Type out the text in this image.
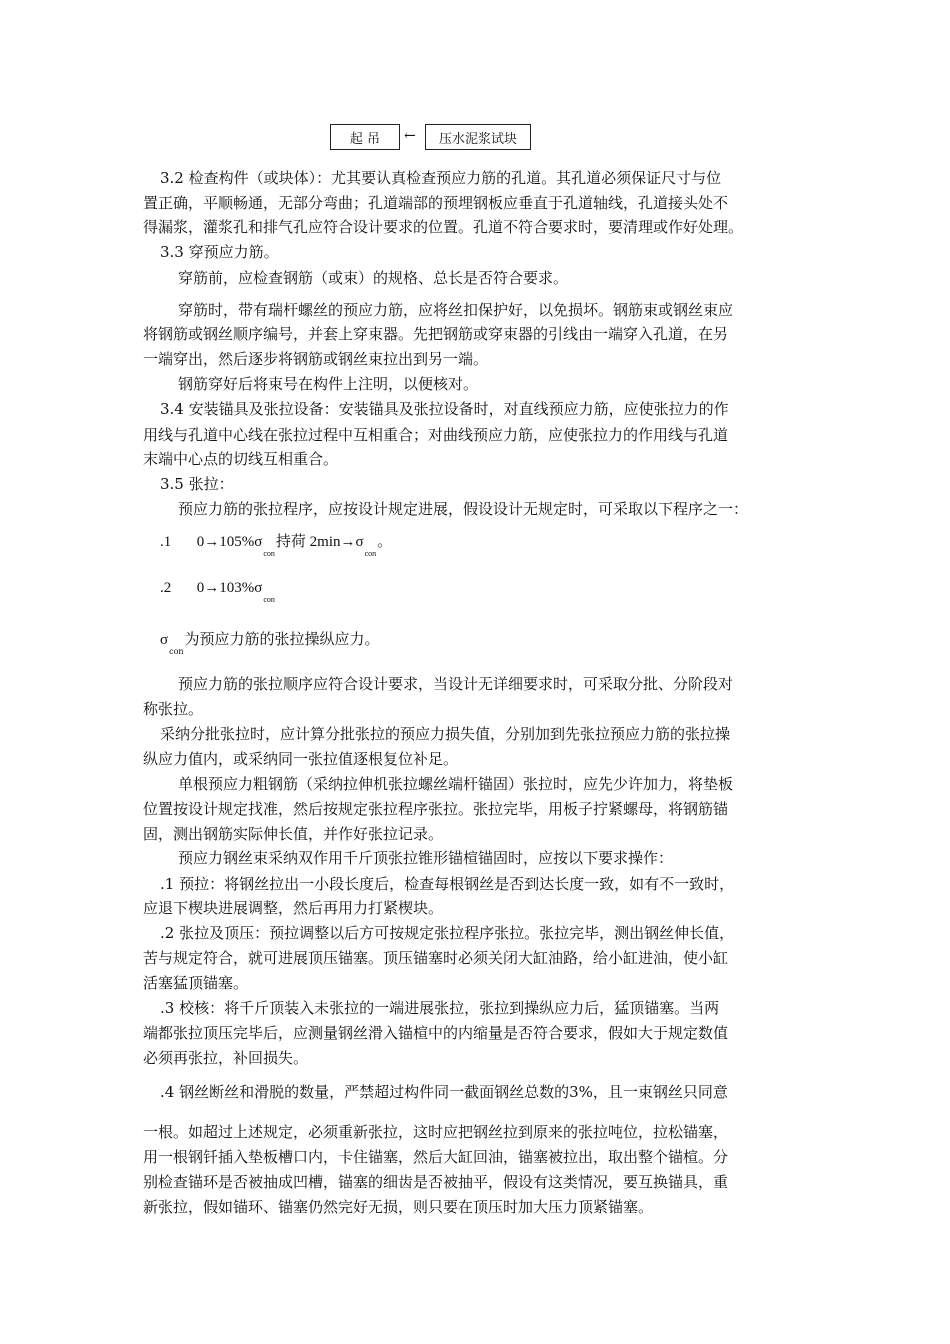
起 吊 ← 压水泥浆试块
3.2 检查构件（或块体）：尤其要认真检查预应力筋的孔道。其孔道必须保证尺寸与位
置正确，平顺畅通，无部分弯曲；孔道端部的预埋钢板应垂直于孔道轴线，孔道接头处不
得漏浆，灌浆孔和排气孔应符合设计要求的位置。孔道不符合要求时，要清理或作好处理。
3.3 穿预应力筋。
穿筋前，应检查钢筋（或束）的规格、总长是否符合要求。
穿筋时，带有瑞杆螺丝的预应力筋，应将丝扣保护好，以免损坏。钢筋束或钢丝束应
将钢筋或钢丝顺序编号，并套上穿束器。先把钢筋或穿束器的引线由一端穿入孔道，在另
一端穿出，然后逐步将钢筋或钢丝束拉出到另一端。
钢筋穿好后将束号在构件上注明，以便核对。
3.4 安装锚具及张拉设备：安装锚具及张拉设备时，对直线预应力筋，应使张拉力的作
用线与孔道中心线在张拉过程中互相重合；对曲线预应力筋，应使张拉力的作用线与孔道
末端中心点的切线互相重合。
3.5 张拉：
预应力筋的张拉程序，应按设计规定进展，假设设计无规定时，可采取以下程序之一：
预应力筋的张拉顺序应符合设计要求，当设计无详细要求时，可采取分批、分阶段对
称张拉。
采纳分批张拉时，应计算分批张拉的预应力损失值，分别加到先张拉预应力筋的张拉操
纵应力值内，或采纳同一张拉值逐根复位补足。
单根预应力粗钢筋（采纳拉伸机张拉螺丝端杆锚固）张拉时，应先少许加力，将垫板
位置按设计规定找准，然后按规定张拉程序张拉。张拉完毕，用板子拧紧螺母，将钢筋锚
固，测出钢筋实际伸长值，并作好张拉记录。
预应力钢丝束采纳双作用千斤顶张拉锥形锚楦锚固时，应按以下要求操作：
.1 预拉：将钢丝拉出一小段长度后，检查每根钢丝是否到达长度一致，如有不一致时，
应退下楔块进展调整，然后再用力打紧楔块。
.2 张拉及顶压：预拉调整以后方可按规定张拉程序张拉。张拉完毕，测出钢丝伸长值，
苦与规定符合，就可进展顶压锚塞。顶压锚塞时必须关闭大缸油路，给小缸进油，使小缸
活塞猛顶锚塞。
.3 校核：将千斤顶装入未张拉的一端进展张拉，张拉到操纵应力后，猛顶锚塞。当两
端都张拉顶压完毕后，应测量钢丝滑入锚楦中的内缩量是否符合要求，假如大于规定数值
必须再张拉，补回损失。
.4 钢丝断丝和滑脱的数量，严禁超过构件同一截面钢丝总数的3%，且一束钢丝只同意
一根。如超过上述规定，必须重新张拉，这时应把钢丝拉到原来的张拉吨位，拉松锚塞，
用一根钢钎插入垫板槽口内，卡住锚塞，然后大缸回油，锚塞被拉出，取出整个锚楦。分
别检查锚环是否被抽成凹槽，锚塞的细齿是否被抽平，假设有这类情况，要互换锚具，重
新张拉，假如锚环、锚塞仍然完好无损，则只要在顶压时加大压力顶紧锚塞。
.1 $0\to 105\%\sigma_{con}$持荷 $2\min\to\sigma_{con}$。
.2 $0\to 103\%\sigma_{con}$
$\sigma_{con}$为预应力筋的张拉操纵应力。
